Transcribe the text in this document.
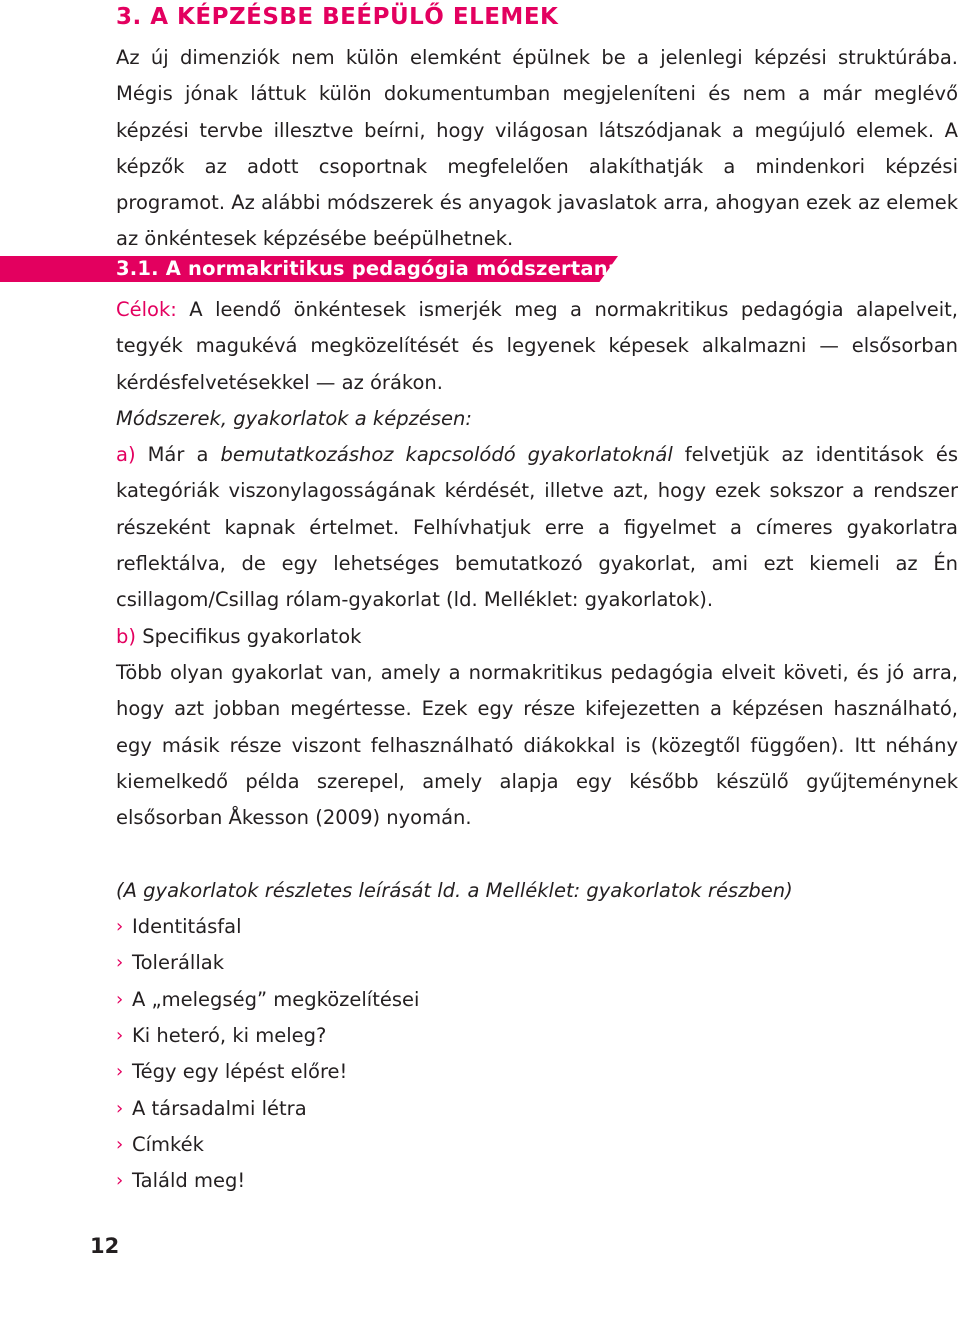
3. A KÉPZÉSBE BEÉPÜLŐ ELEMEK

Az új dimenziók nem külön elemként épülnek be a jelenlegi képzési struktúrába. Mégis jónak láttuk külön dokumentumban megjeleníteni és nem a már meglévő képzési tervbe illesztve beírni, hogy világosan látszódjanak a megújuló elemek. A képzők az adott csoportnak megfelelően alakíthatják a mindenkori képzési programot. Az alábbi módszerek és anyagok javaslatok arra, ahogyan ezek az elemek az önkéntesek képzésébe beépülhetnek.

3.1. A normakritikus pedagógia módszertana

Célok: A leendő önkéntesek ismerjék meg a normakritikus pedagógia alapelveit, tegyék magukévá megközelítését és legyenek képesek alkalmazni — elsősorban kérdésfelvetésekkel — az órákon.

Módszerek, gyakorlatok a képzésen:

a) Már a bemutatkozáshoz kapcsolódó gyakorlatoknál felvetjük az identitások és kategóriák viszonylagosságának kérdését, illetve azt, hogy ezek sokszor a rendszer részeként kapnak értelmet. Felhívhatjuk erre a figyelmet a címeres gyakorlatra reflektálva, de egy lehetséges bemutatkozó gyakorlat, ami ezt kiemeli az Én csillagom/Csillag rólam-gyakorlat (ld. Melléklet: gyakorlatok).

b) Specifikus gyakorlatok

Több olyan gyakorlat van, amely a normakritikus pedagógia elveit követi, és jó arra, hogy azt jobban megértesse. Ezek egy része kifejezetten a képzésen használható, egy másik része viszont felhasználható diákokkal is (közegtől függően). Itt néhány kiemelkedő példa szerepel, amely alapja egy később készülő gyűjteménynek elsősorban Åkesson (2009) nyomán.

(A gyakorlatok részletes leírását ld. a Melléklet: gyakorlatok részben)

› Identitásfal
› Tolerállak
› A „melegség” megközelítései
› Ki heteró, ki meleg?
› Tégy egy lépést előre!
› A társadalmi létra
› Címkék
› Találd meg!
12
